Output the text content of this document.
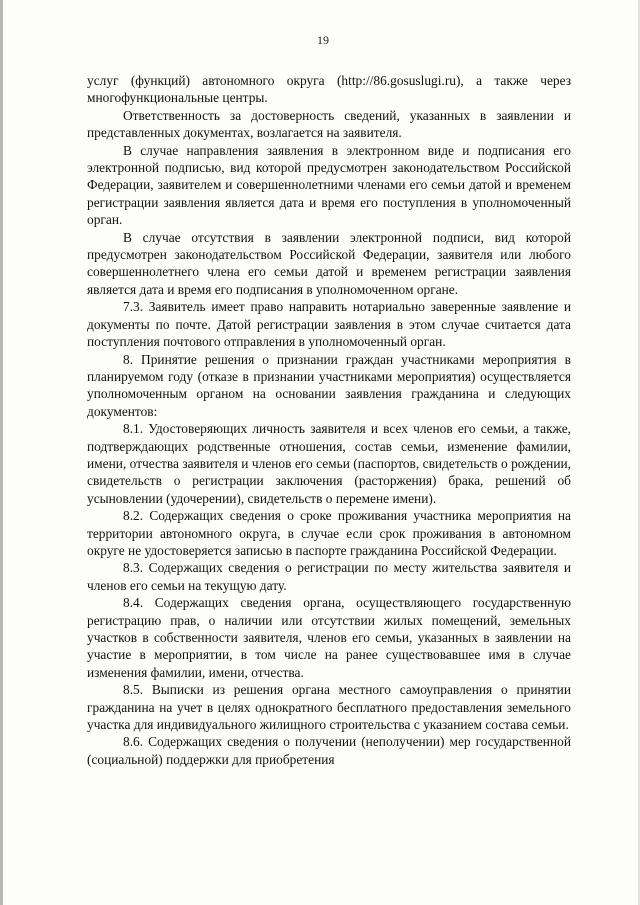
19

услуг (функций) автономного округа (http://86.gosuslugi.ru), а также через многофункциональные центры.

Ответственность за достоверность сведений, указанных в заявлении и представленных документах, возлагается на заявителя.

В случае направления заявления в электронном виде и подписания его электронной подписью, вид которой предусмотрен законодательством Российской Федерации, заявителем и совершеннолетними членами его семьи датой и временем регистрации заявления является дата и время его поступления в уполномоченный орган.

В случае отсутствия в заявлении электронной подписи, вид которой предусмотрен законодательством Российской Федерации, заявителя или любого совершеннолетнего члена его семьи датой и временем регистрации заявления является дата и время его подписания в уполномоченном органе.

7.3. Заявитель имеет право направить нотариально заверенные заявление и документы по почте. Датой регистрации заявления в этом случае считается дата поступления почтового отправления в уполномоченный орган.

8. Принятие решения о признании граждан участниками мероприятия в планируемом году (отказе в признании участниками мероприятия) осуществляется уполномоченным органом на основании заявления гражданина и следующих документов:

8.1. Удостоверяющих личность заявителя и всех членов его семьи, а также, подтверждающих родственные отношения, состав семьи, изменение фамилии, имени, отчества заявителя и членов его семьи (паспортов, свидетельств о рождении, свидетельств о регистрации заключения (расторжения) брака, решений об усыновлении (удочерении), свидетельств о перемене имени).

8.2. Содержащих сведения о сроке проживания участника мероприятия на территории автономного округа, в случае если срок проживания в автономном округе не удостоверяется записью в паспорте гражданина Российской Федерации.

8.3. Содержащих сведения о регистрации по месту жительства заявителя и членов его семьи на текущую дату.

8.4. Содержащих сведения органа, осуществляющего государственную регистрацию прав, о наличии или отсутствии жилых помещений, земельных участков в собственности заявителя, членов его семьи, указанных в заявлении на участие в мероприятии, в том числе на ранее существовавшее имя в случае изменения фамилии, имени, отчества.

8.5. Выписки из решения органа местного самоуправления о принятии гражданина на учет в целях однократного бесплатного предоставления земельного участка для индивидуального жилищного строительства с указанием состава семьи.

8.6. Содержащих сведения о получении (неполучении) мер государственной (социальной) поддержки для приобретения
